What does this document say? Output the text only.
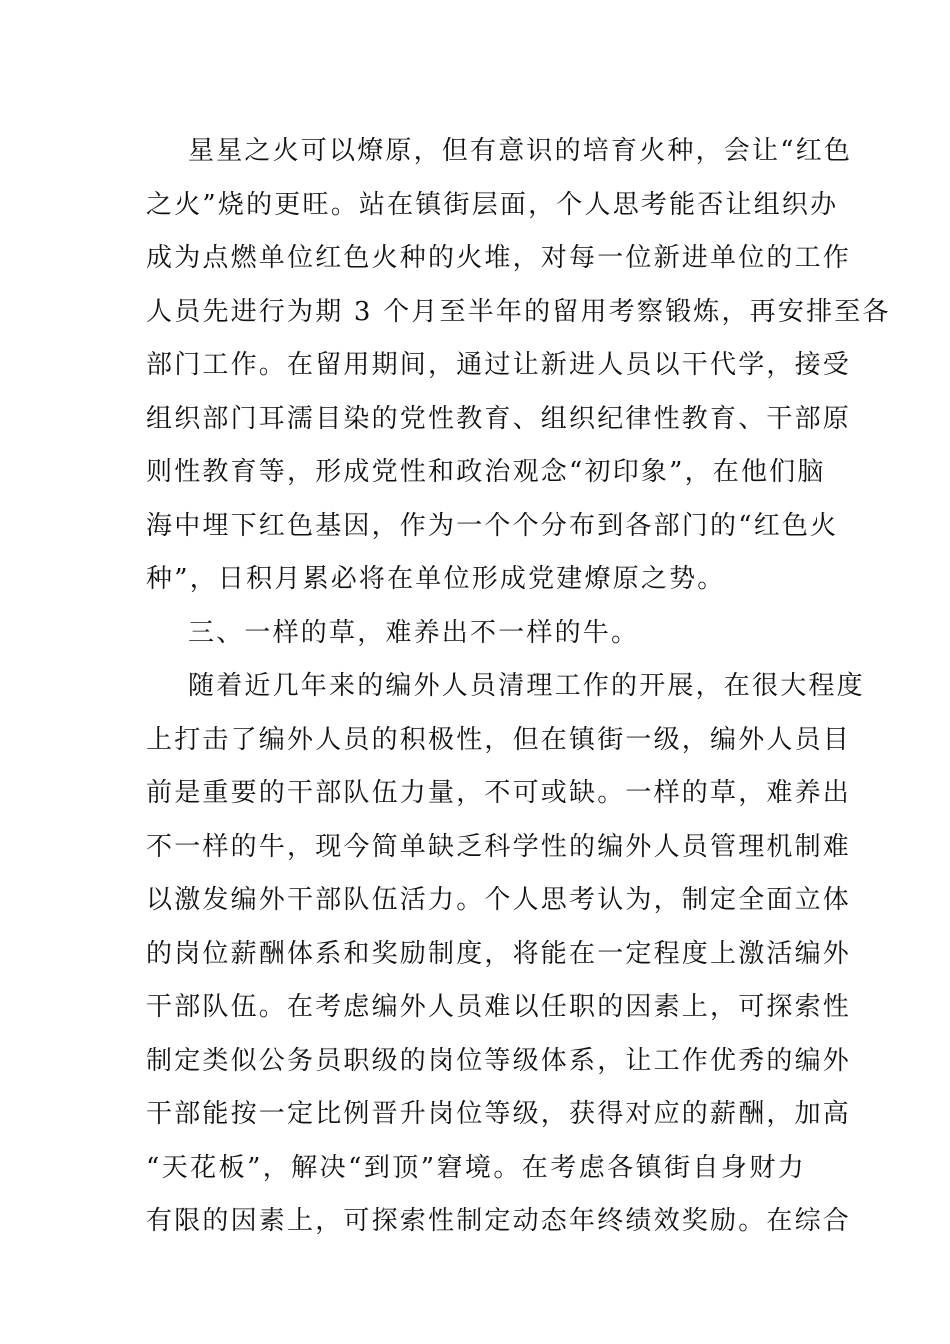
星星之火可以燎原，但有意识的培育火种，会让“红色
之火”烧的更旺。站在镇街层面，个人思考能否让组织办
成为点燃单位红色火种的火堆，对每一位新进单位的工作
人员先进行为期 3 个月至半年的留用考察锻炼，再安排至各
部门工作。在留用期间，通过让新进人员以干代学，接受
组织部门耳濡目染的党性教育、组织纪律性教育、干部原
则性教育等，形成党性和政治观念“初印象”，在他们脑
海中埋下红色基因，作为一个个分布到各部门的“红色火
种”，日积月累必将在单位形成党建燎原之势。
三、一样的草，难养出不一样的牛。
随着近几年来的编外人员清理工作的开展，在很大程度
上打击了编外人员的积极性，但在镇街一级，编外人员目
前是重要的干部队伍力量，不可或缺。一样的草，难养出
不一样的牛，现今简单缺乏科学性的编外人员管理机制难
以激发编外干部队伍活力。个人思考认为，制定全面立体
的岗位薪酬体系和奖励制度，将能在一定程度上激活编外
干部队伍。在考虑编外人员难以任职的因素上，可探索性
制定类似公务员职级的岗位等级体系，让工作优秀的编外
干部能按一定比例晋升岗位等级，获得对应的薪酬，加高
“天花板”，解决“到顶”窘境。在考虑各镇街自身财力
有限的因素上，可探索性制定动态年终绩效奖励。在综合
